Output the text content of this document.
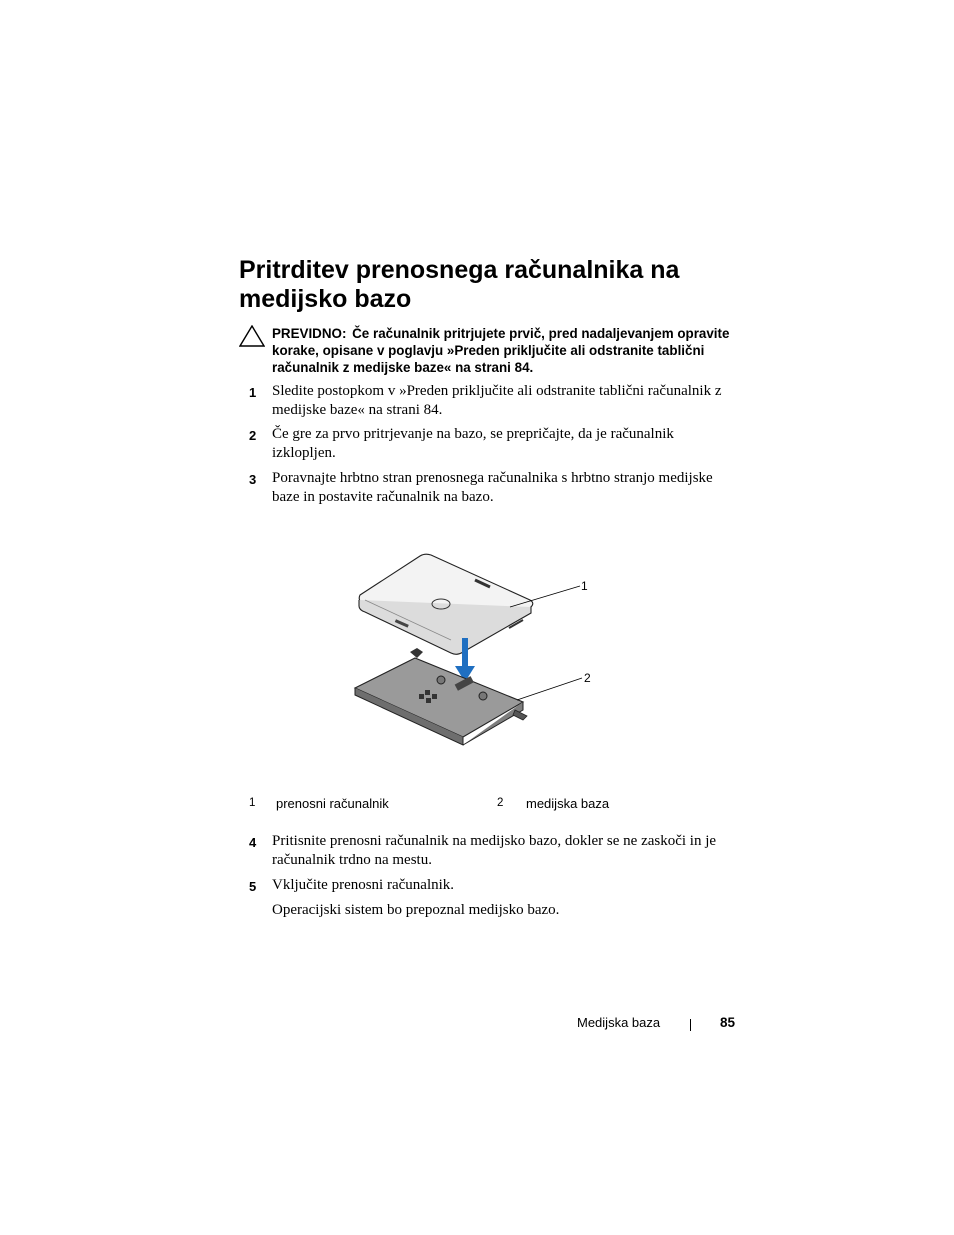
Pritrditev prenosnega računalnika na medijsko bazo
PREVIDNO: Če računalnik pritrjujete prvič, pred nadaljevanjem opravite korake, opisane v poglavju »Preden priključite ali odstranite tablični računalnik z medijske baze« na strani 84.
1 Sledite postopkom v »Preden priključite ali odstranite tablični računalnik z medijske baze« na strani 84.
2 Če gre za prvo pritrjevanje na bazo, se prepričajte, da je računalnik izklopljen.
3 Poravnajte hrbtno stran prenosnega računalnika s hrbtno stranjo medijske baze in postavite računalnik na bazo.
1
2
1 prenosni računalnik	2 medijska baza
4 Pritisnite prenosni računalnik na medijsko bazo, dokler se ne zaskoči in je računalnik trdno na mestu.
5 Vključite prenosni računalnik.
Operacijski sistem bo prepoznal medijsko bazo.
Medijska baza	85
